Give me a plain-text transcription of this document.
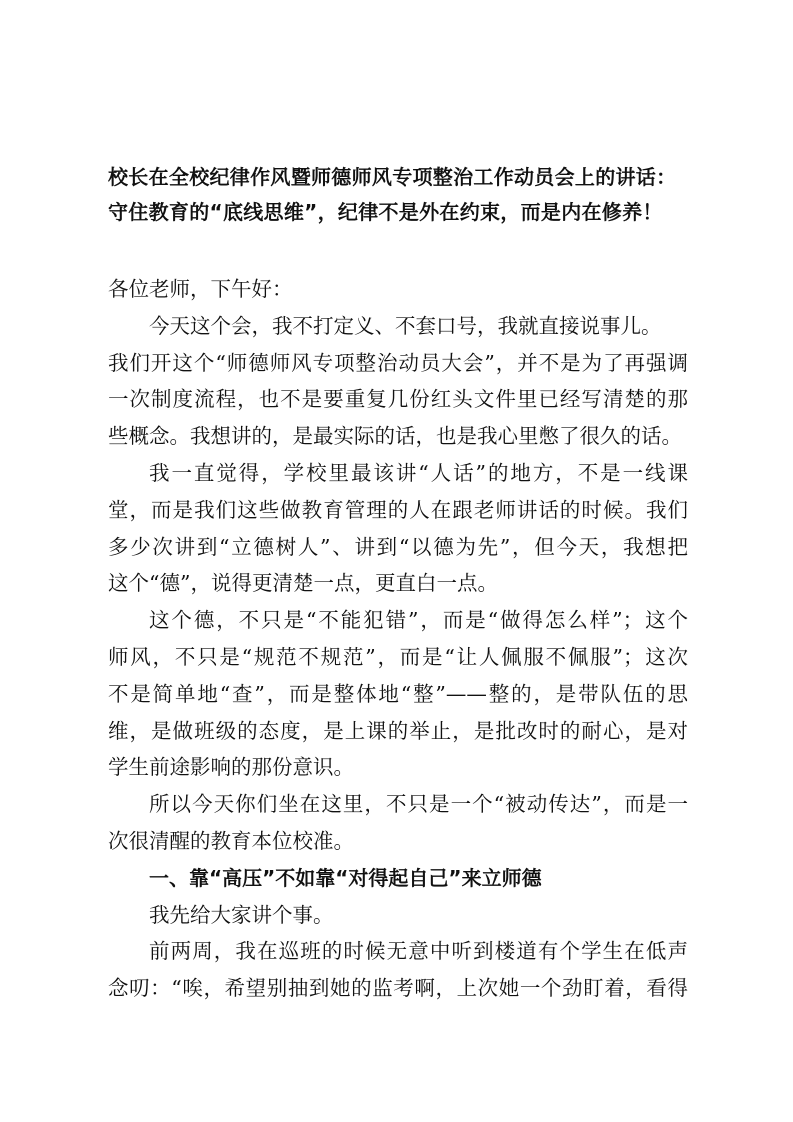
校长在全校纪律作风暨师德师风专项整治工作动员会上的讲话：
守住教育的“底线思维”，纪律不是外在约束，而是内在修养！
各位老师，下午好：
今天这个会，我不打定义、不套口号，我就直接说事儿。
我们开这个“师德师风专项整治动员大会”，并不是为了再强调
一次制度流程，也不是要重复几份红头文件里已经写清楚的那
些概念。我想讲的，是最实际的话，也是我心里憋了很久的话。
我一直觉得，学校里最该讲“人话”的地方，不是一线课
堂，而是我们这些做教育管理的人在跟老师讲话的时候。我们
多少次讲到“立德树人”、讲到“以德为先”，但今天，我想把
这个“德”，说得更清楚一点，更直白一点。
这个德，不只是“不能犯错”，而是“做得怎么样”；这个
师风，不只是“规范不规范”，而是“让人佩服不佩服”；这次
不是简单地“查”，而是整体地“整”——整的，是带队伍的思
维，是做班级的态度，是上课的举止，是批改时的耐心，是对
学生前途影响的那份意识。
所以今天你们坐在这里，不只是一个“被动传达”，而是一
次很清醒的教育本位校准。
一、靠“高压”不如靠“对得起自己”来立师德
我先给大家讲个事。
前两周，我在巡班的时候无意中听到楼道有个学生在低声
念叨：“唉，希望别抽到她的监考啊，上次她一个劲盯着，看得
